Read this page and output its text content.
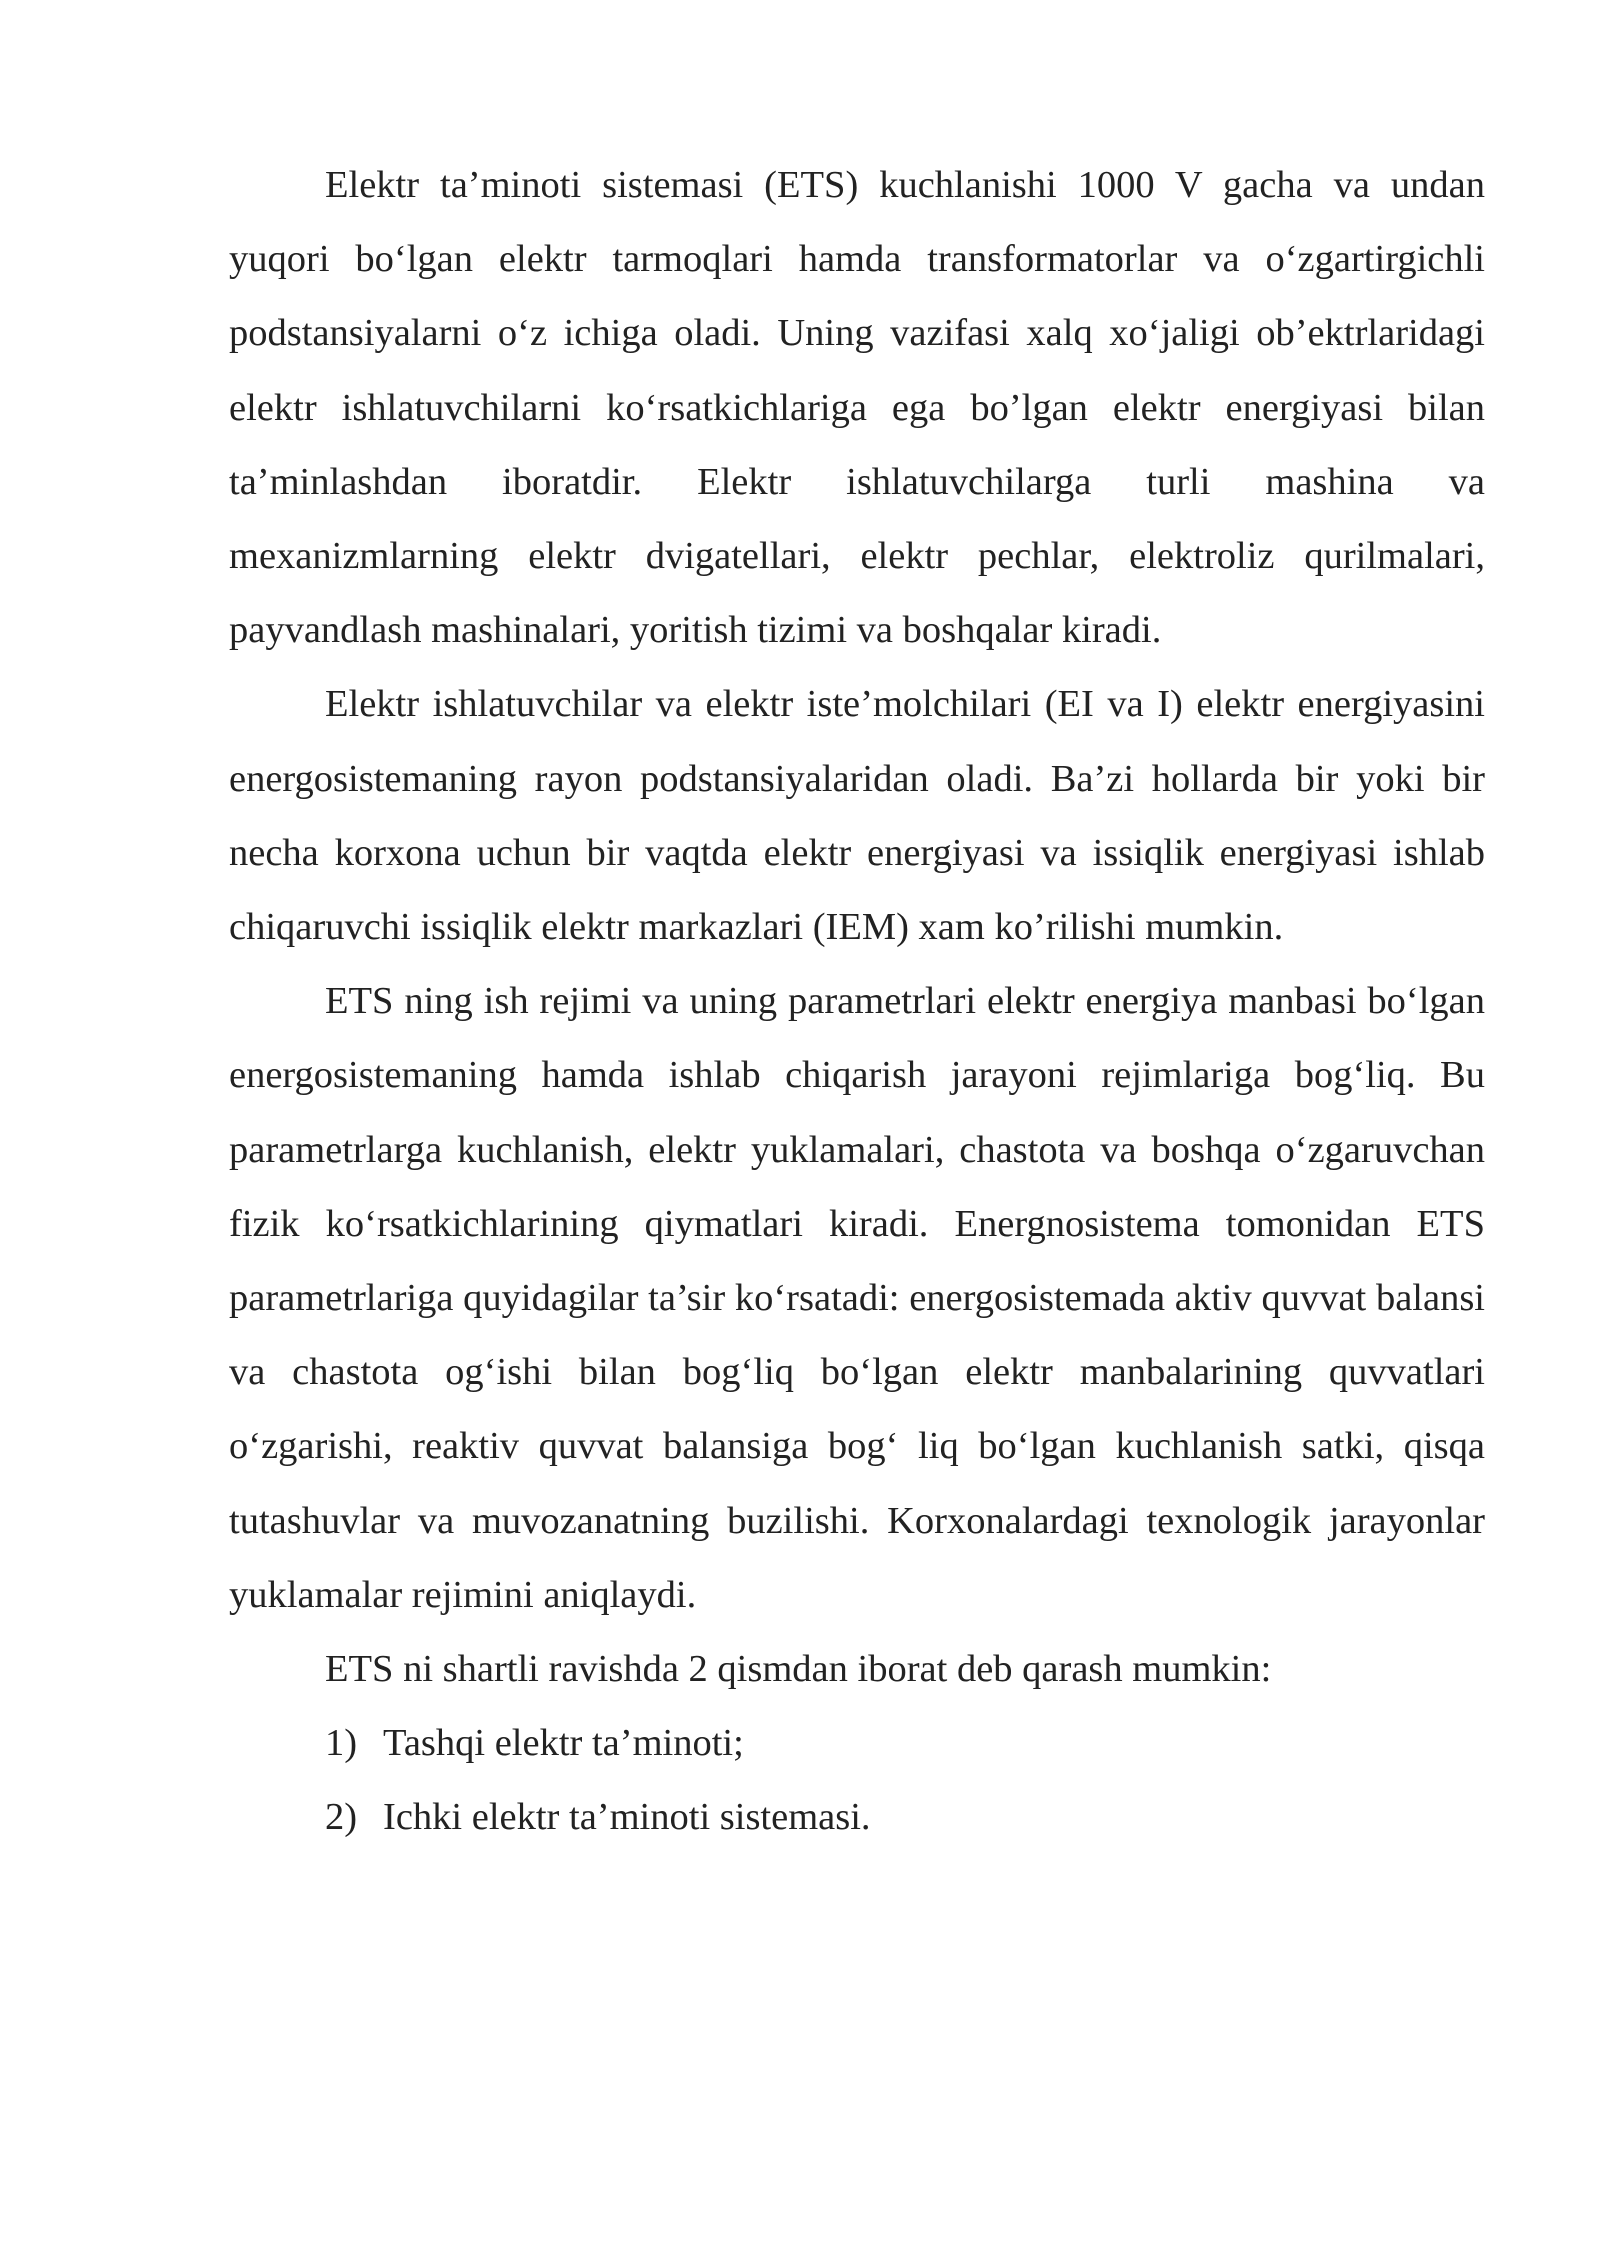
Elektr ta’minoti sistemasi (ETS) kuchlanishi 1000 V gacha va undan yuqori boʻlgan elektr tarmoqlari hamda transformatorlar va oʻzgartirgichli podstansiyalarni oʻz ichiga oladi. Uning vazifasi xalq xoʻjaligi ob’ektrlaridagi elektr ishlatuvchilarni koʻrsatkichlariga ega bo’lgan elektr energiyasi bilan ta’minlashdan iboratdir. Elektr ishlatuvchilarga turli mashina va mexanizmlarning elektr dvigatellari, elektr pechlar, elektroliz qurilmalari, payvandlash mashinalari, yoritish tizimi va boshqalar kiradi.

Elektr ishlatuvchilar va elektr iste’molchilari (EI va I) elektr energiyasini energosistemaning rayon podstansiyalaridan oladi. Ba’zi hollarda bir yoki bir necha korxona uchun bir vaqtda elektr energiyasi va issiqlik energiyasi ishlab chiqaruvchi issiqlik elektr markazlari (IEM) xam ko’rilishi mumkin.

ETS ning ish rejimi va uning parametrlari elektr energiya manbasi boʻlgan energosistemaning hamda ishlab chiqarish jarayoni rejimlariga bogʻliq. Bu parametrlarga kuchlanish, elektr yuklamalari, chastota va boshqa oʻzgaruvchan fizik koʻrsatkichlarining qiymatlari kiradi. Energnosistema tomonidan ETS parametrlariga quyidagilar ta’sir koʻrsatadi: energosistemada aktiv quvvat balansi va chastota ogʻishi bilan bogʻliq boʻlgan elektr manbalarining quvvatlari oʻzgarishi, reaktiv quvvat balansiga bogʻ liq boʻlgan kuchlanish satki, qisqa tutashuvlar va muvozanatning buzilishi. Korxonalardagi texnologik jarayonlar yuklamalar rejimini aniqlaydi.

ETS ni shartli ravishda 2 qismdan iborat deb qarash mumkin:

1) Tashqi elektr ta’minoti;
2) Ichki elektr ta’minoti sistemasi.
